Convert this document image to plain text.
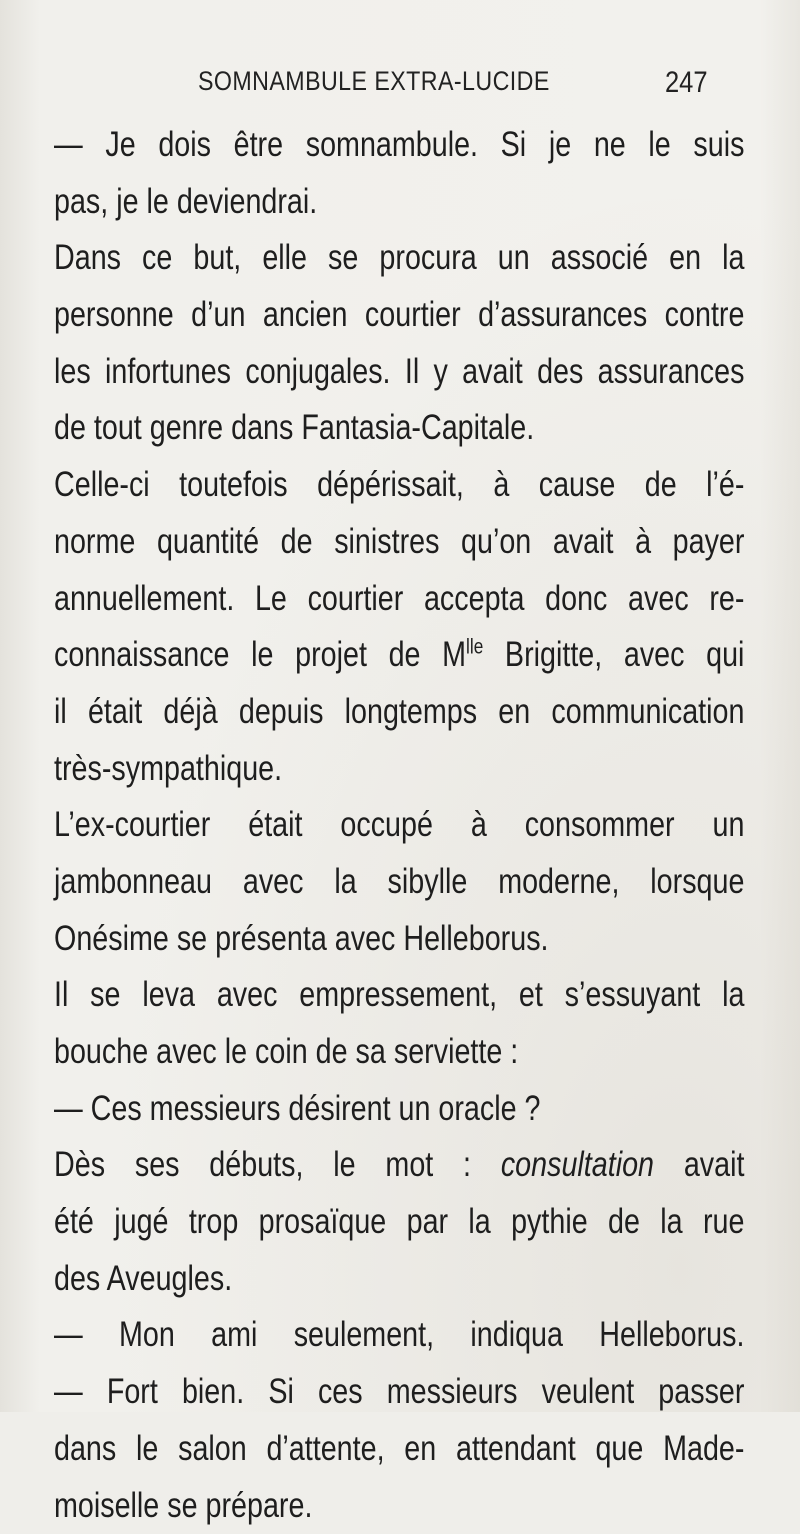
SOMNAMBULE EXTRA-LUCIDE	247
— Je dois être somnambule. Si je ne le suis
pas, je le deviendrai.
Dans ce but, elle se procura un associé en la
personne d’un ancien courtier d’assurances contre
les infortunes conjugales. Il y avait des assurances
de tout genre dans Fantasia-Capitale.
Celle-ci toutefois dépérissait, à cause de l’é-
norme quantité de sinistres qu’on avait à payer
annuellement. Le courtier accepta donc avec re-
connaissance le projet de $M^{lle}$ Brigitte, avec qui
il était déjà depuis longtemps en communication
très-sympathique.
L’ex-courtier était occupé à consommer un
jambonneau avec la sibylle moderne, lorsque
Onésime se présenta avec Helleborus.
Il se leva avec empressement, et s’essuyant la
bouche avec le coin de sa serviette :
— Ces messieurs désirent un oracle ?
Dès ses débuts, le mot : consultation avait
été jugé trop prosaïque par la pythie de la rue
des Aveugles.
— Mon ami seulement, indiqua Helleborus.
— Fort bien. Si ces messieurs veulent passer
dans le salon d’attente, en attendant que Made-
moiselle se prépare.
